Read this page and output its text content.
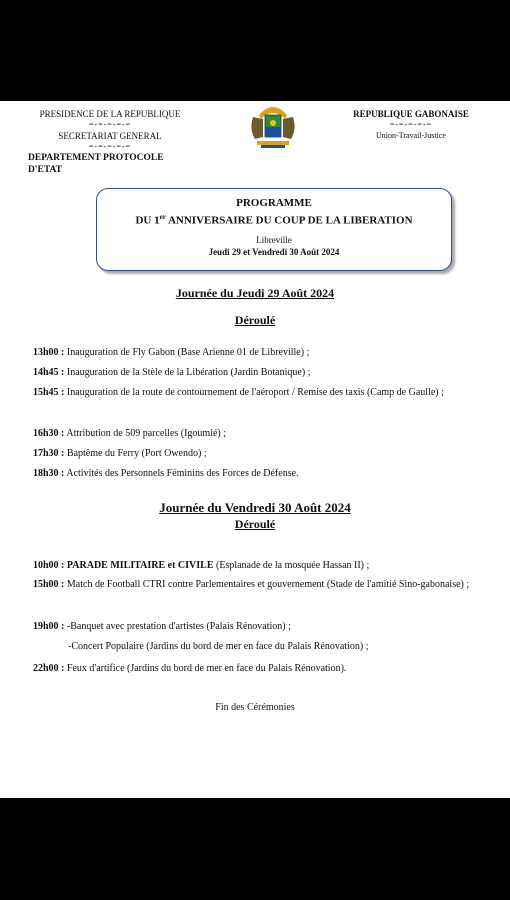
PRESIDENCE DE LA REPUBLIQUE
=-=-=-=-=
SECRETARIAT GENERAL
=-=-=-=-=
DEPARTEMENT PROTOCOLE D'ETAT
REPUBLIQUE GABONAISE
=-=-=-=-=
Union-Travail-Justice
PROGRAMME
DU 1er ANNIVERSAIRE DU COUP DE LA LIBERATION
Libreville
Jeudi 29 et Vendredi 30 Août 2024
Journée du Jeudi 29 Août 2024
Déroulé
13h00 : Inauguration de Fly Gabon (Base Arienne 01 de Libreville) ;
14h45 : Inauguration de la Stèle de la Libération (Jardin Botanique) ;
15h45 : Inauguration de la route de contournement de l'aéroport / Remise des taxis (Camp de Gaulle) ;
16h30 : Attribution de 509 parcelles (Igoumié) ;
17h30 : Baptême du Ferry (Port Owendo) ;
18h30 : Activités des Personnels Féminins des Forces de Défense.
Journée du Vendredi 30 Août 2024
Déroulé
10h00 : PARADE MILITAIRE et CIVILE (Esplanade de la mosquée Hassan II) ;
15h00 : Match de Football CTRI contre Parlementaires et gouvernement (Stade de l'amitié Sino-gabonaise) ;
19h00 : -Banquet avec prestation d'artistes (Palais Rénovation) ;
-Concert Populaire (Jardins du bord de mer en face du Palais Rénovation) ;
22h00 : Feux d'artifice (Jardins du bord de mer en face du Palais Rénovation).
Fin des Cérémonies
